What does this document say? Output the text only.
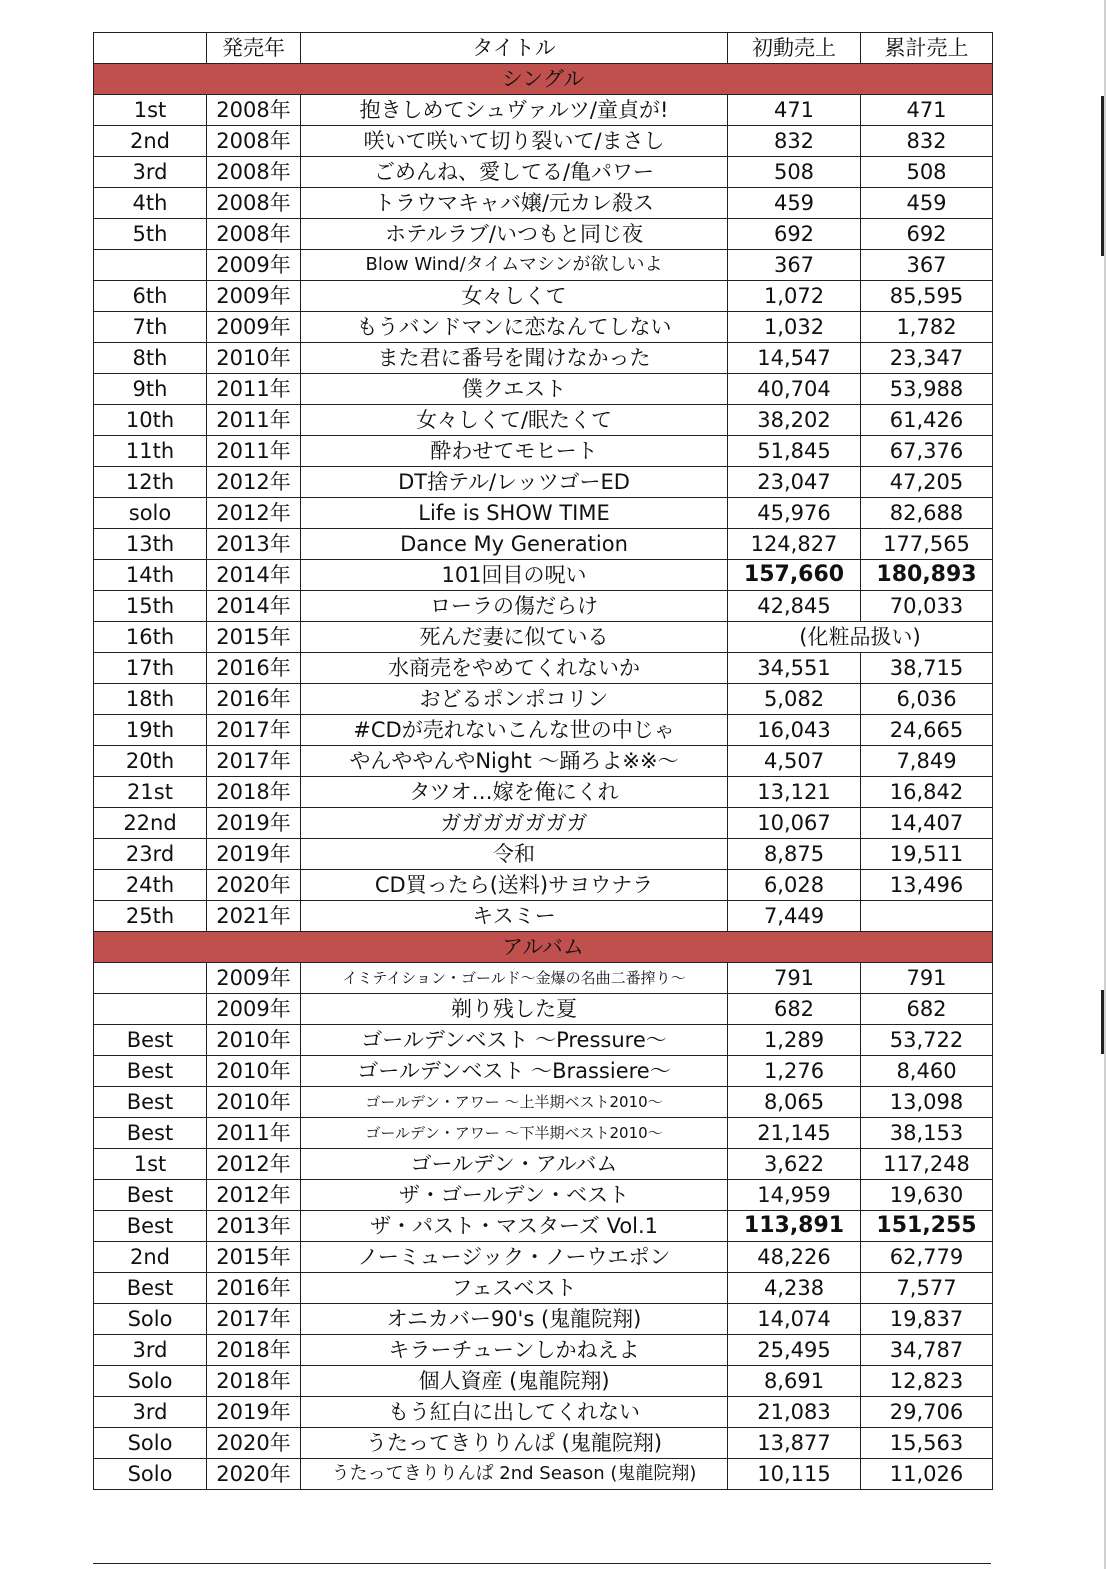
	発売年	タイトル	初動売上	累計売上
シングル				
1st	2008年	抱きしめてシュヴァルツ/童貞が!	471	471
2nd	2008年	咲いて咲いて切り裂いて/まさし	832	832
3rd	2008年	ごめんね、愛してる/亀パワー	508	508
4th	2008年	トラウマキャバ嬢/元カレ殺ス	459	459
5th	2008年	ホテルラブ/いつもと同じ夜	692	692
	2009年	Blow Wind/タイムマシンが欲しいよ	367	367
6th	2009年	女々しくて	1,072	85,595
7th	2009年	もうバンドマンに恋なんてしない	1,032	1,782
8th	2010年	また君に番号を聞けなかった	14,547	23,347
9th	2011年	僕クエスト	40,704	53,988
10th	2011年	女々しくて/眠たくて	38,202	61,426
11th	2011年	酔わせてモヒート	51,845	67,376
12th	2012年	DT捨テル/レッツゴーED	23,047	47,205
solo	2012年	Life is SHOW TIME	45,976	82,688
13th	2013年	Dance My Generation	124,827	177,565
14th	2014年	101回目の呪い	157,660	180,893
15th	2014年	ローラの傷だらけ	42,845	70,033
16th	2015年	死んだ妻に似ている	(化粧品扱い)	
17th	2016年	水商売をやめてくれないか	34,551	38,715
18th	2016年	おどるポンポコリン	5,082	6,036
19th	2017年	#CDが売れないこんな世の中じゃ	16,043	24,665
20th	2017年	やんややんやNight 〜踊ろよ※※〜	4,507	7,849
21st	2018年	タツオ…嫁を俺にくれ	13,121	16,842
22nd	2019年	ガガガガガガガ	10,067	14,407
23rd	2019年	令和	8,875	19,511
24th	2020年	CD買ったら(送料)サヨウナラ	6,028	13,496
25th	2021年	キスミー	7,449	
アルバム				
	2009年	イミテイション・ゴールド〜金爆の名曲二番搾り〜	791	791
	2009年	剃り残した夏	682	682
Best	2010年	ゴールデンベスト 〜Pressure〜	1,289	53,722
Best	2010年	ゴールデンベスト 〜Brassiere〜	1,276	8,460
Best	2010年	ゴールデン・アワー 〜上半期ベスト2010〜	8,065	13,098
Best	2011年	ゴールデン・アワー 〜下半期ベスト2010〜	21,145	38,153
1st	2012年	ゴールデン・アルバム	3,622	117,248
Best	2012年	ザ・ゴールデン・ベスト	14,959	19,630
Best	2013年	ザ・パスト・マスターズ Vol.1	113,891	151,255
2nd	2015年	ノーミュージック・ノーウエポン	48,226	62,779
Best	2016年	フェスベスト	4,238	7,577
Solo	2017年	オニカバー90's (鬼龍院翔)	14,074	19,837
3rd	2018年	キラーチューンしかねえよ	25,495	34,787
Solo	2018年	個人資産 (鬼龍院翔)	8,691	12,823
3rd	2019年	もう紅白に出してくれない	21,083	29,706
Solo	2020年	うたってきりりんぱ (鬼龍院翔)	13,877	15,563
Solo	2020年	うたってきりりんぱ 2nd Season (鬼龍院翔)	10,115	11,026
